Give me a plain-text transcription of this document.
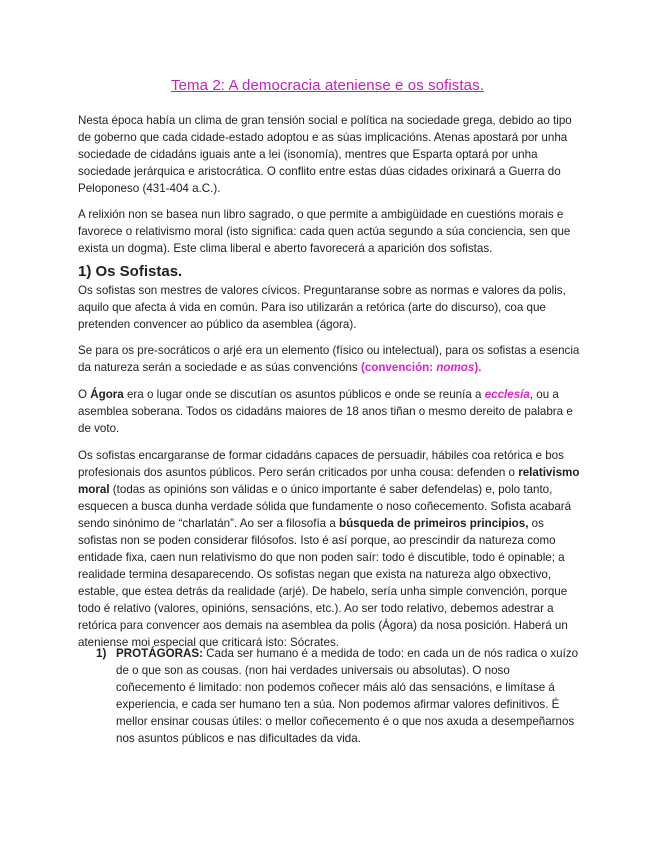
Tema 2: A democracia ateniense e os sofistas.

Nesta época había un clima de gran tensión social e política na sociedade grega, debido ao tipo de goberno que cada cidade-estado adoptou e as súas implicacións. Atenas apostará por unha sociedade de cidadáns iguais ante a lei (isonomía), mentres que Esparta optará por unha sociedade jerárquica e aristocrática. O conflito entre estas dúas cidades orixinará a Guerra do Peloponeso (431-404 a.C.).

A relixión non se basea nun libro sagrado, o que permite a ambigüidade en cuestións morais e favorece o relativismo moral (isto significa: cada quen actúa segundo a súa conciencia, sen que exista un dogma). Este clima liberal e aberto favorecerá a aparición dos sofistas.

1) Os Sofistas.

Os sofistas son mestres de valores cívicos. Preguntaranse sobre as normas e valores da polis, aquilo que afecta á vida en común. Para iso utilizarán a retórica (arte do discurso), coa que pretenden convencer ao público da asemblea (ágora).

Se para os pre-socráticos o arjé era un elemento (físico ou intelectual), para os sofistas a esencia da natureza serán a sociedade e as súas convencións (convención: nomos).

O Ágora era o lugar onde se discutían os asuntos públicos e onde se reunía a ecclesía, ou a asemblea soberana. Todos os cidadáns maiores de 18 anos tiñan o mesmo dereito de palabra e de voto.

Os sofistas encargaranse de formar cidadáns capaces de persuadir, hábiles coa retórica e bos profesionais dos asuntos públicos. Pero serán criticados por unha cousa: defenden o relativismo moral (todas as opinións son válidas e o único importante é saber defendelas) e, polo tanto, esquecen a busca dunha verdade sólida que fundamente o noso coñecemento. Sofista acabará sendo sinónimo de “charlatán”. Ao ser a filosofía a búsqueda de primeiros principios, os sofistas non se poden considerar filósofos. Isto é así porque, ao prescindir da natureza como entidade fixa, caen nun relativismo do que non poden saír: todo é discutible, todo é opinable; a realidade termina desaparecendo. Os sofistas negan que exista na natureza algo obxectivo, estable, que estea detrás da realidade (arjé). De habelo, sería unha simple convención, porque todo é relativo (valores, opinións, sensacións, etc.). Ao ser todo relativo, debemos adestrar a retórica para convencer aos demais na asemblea da polis (Ágora) da nosa posición. Haberá un ateniense moi especial que criticará isto: Sócrates.

1) PROTÁGORAS: Cada ser humano é a medida de todo: en cada un de nós radica o xuízo de o que son as cousas. (non hai verdades universais ou absolutas). O noso coñecemento é limitado: non podemos coñecer máis aló das sensacións, e limítase á experiencia, e cada ser humano ten a súa. Non podemos afirmar valores definitivos. É mellor ensinar cousas útiles: o mellor coñecemento é o que nos axuda a desempeñarnos nos asuntos públicos e nas dificultades da vida.
